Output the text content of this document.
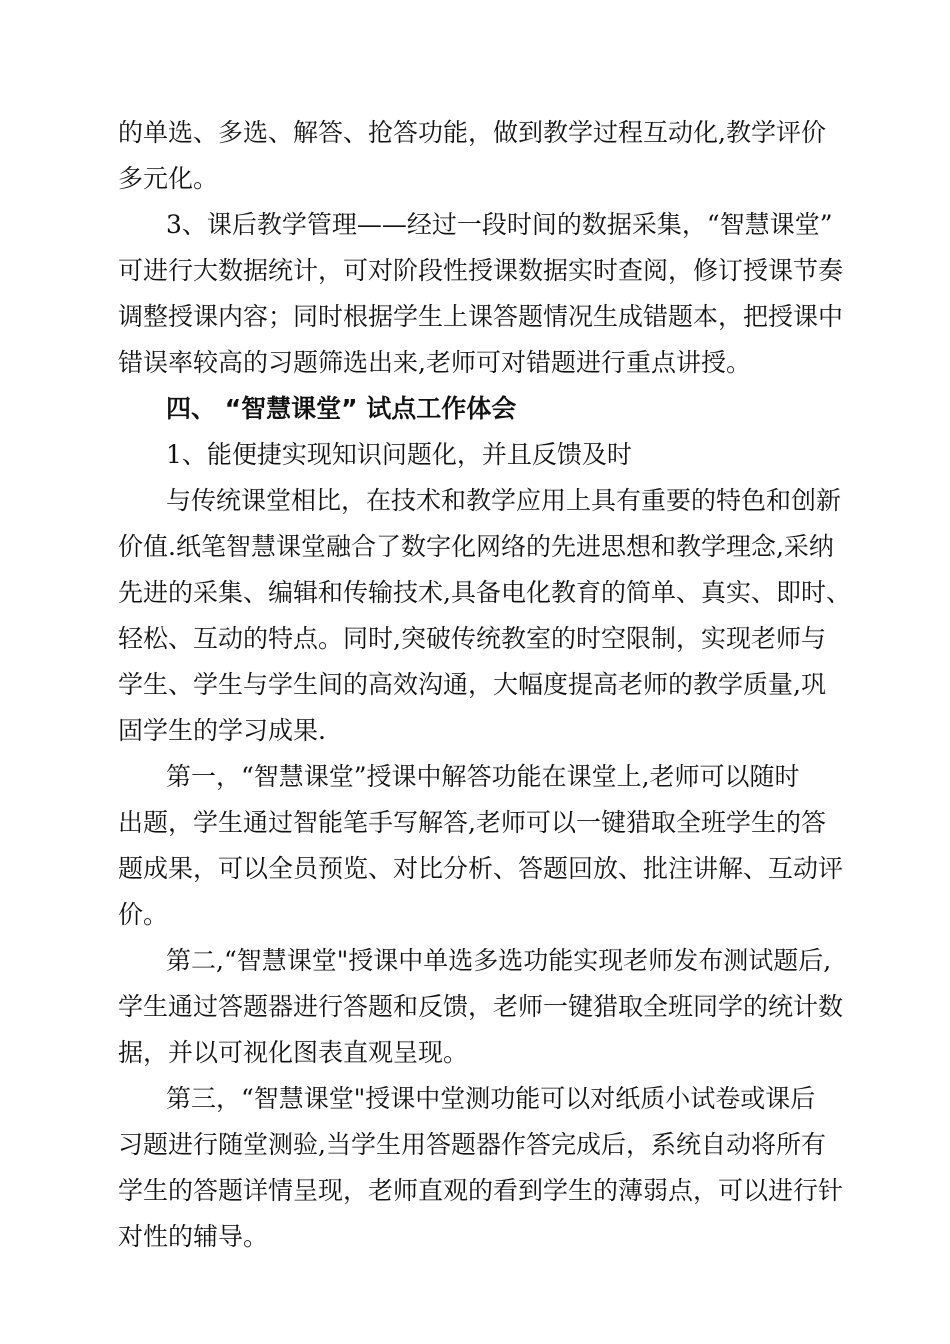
的单选、多选、解答、抢答功能，做到教学过程互动化,教学评价
多元化。
3、课后教学管理——经过一段时间的数据采集，“智慧课堂”
可进行大数据统计，可对阶段性授课数据实时查阅，修订授课节奏
调整授课内容；同时根据学生上课答题情况生成错题本，把授课中
错误率较高的习题筛选出来,老师可对错题进行重点讲授。
四、 “智慧课堂” 试点工作体会
1、能便捷实现知识问题化，并且反馈及时
与传统课堂相比，在技术和教学应用上具有重要的特色和创新
价值.纸笔智慧课堂融合了数字化网络的先进思想和教学理念,采纳
先进的采集、编辑和传输技术,具备电化教育的简单、真实、即时、
轻松、互动的特点。同时,突破传统教室的时空限制，实现老师与
学生、学生与学生间的高效沟通，大幅度提高老师的教学质量,巩
固学生的学习成果.
第一，“智慧课堂”授课中解答功能在课堂上,老师可以随时
出题，学生通过智能笔手写解答,老师可以一键猎取全班学生的答
题成果，可以全员预览、对比分析、答题回放、批注讲解、互动评
价。
第二,“智慧课堂"授课中单选多选功能实现老师发布测试题后,
学生通过答题器进行答题和反馈，老师一键猎取全班同学的统计数
据，并以可视化图表直观呈现。
第三，“智慧课堂"授课中堂测功能可以对纸质小试卷或课后
习题进行随堂测验,当学生用答题器作答完成后，系统自动将所有
学生的答题详情呈现，老师直观的看到学生的薄弱点，可以进行针
对性的辅导。
